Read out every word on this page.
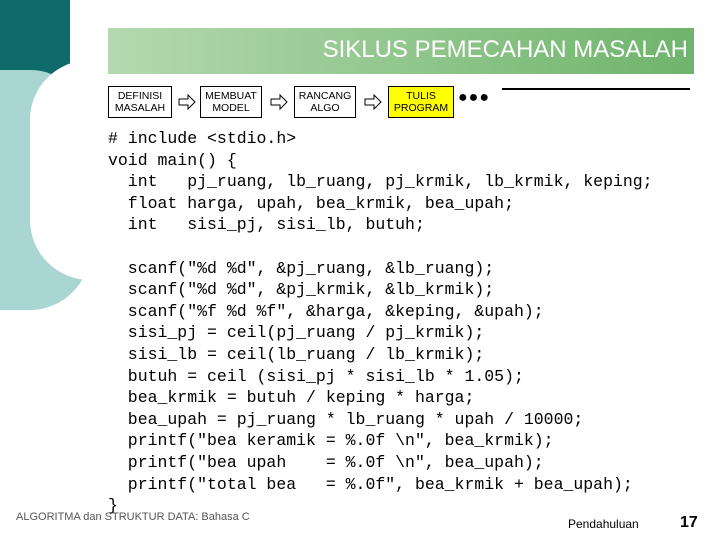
SIKLUS PEMECAHAN MASALAH
DEFINISI
MASALAH
MEMBUAT
MODEL
RANCANG
ALGO
TULIS
PROGRAM
●●●
# include <stdio.h>
void main() {
int   pj_ruang, lb_ruang, pj_krmik, lb_krmik, keping;
float harga, upah, bea_krmik, bea_upah;
int   sisi_pj, sisi_lb, butuh;

scanf("%d %d", &pj_ruang, &lb_ruang);
scanf("%d %d", &pj_krmik, &lb_krmik);
scanf("%f %d %f", &harga, &keping, &upah);
sisi_pj = ceil(pj_ruang / pj_krmik);
sisi_lb = ceil(lb_ruang / lb_krmik);
butuh = ceil (sisi_pj * sisi_lb * 1.05);
bea_krmik = butuh / keping * harga;
bea_upah = pj_ruang * lb_ruang * upah / 10000;
printf("bea keramik = %.0f \n", bea_krmik);
printf("bea upah    = %.0f \n", bea_upah);
printf("total bea   = %.0f", bea_krmik + bea_upah);
}
ALGORITMA dan STRUKTUR DATA: Bahasa C	Pendahuluan	17
